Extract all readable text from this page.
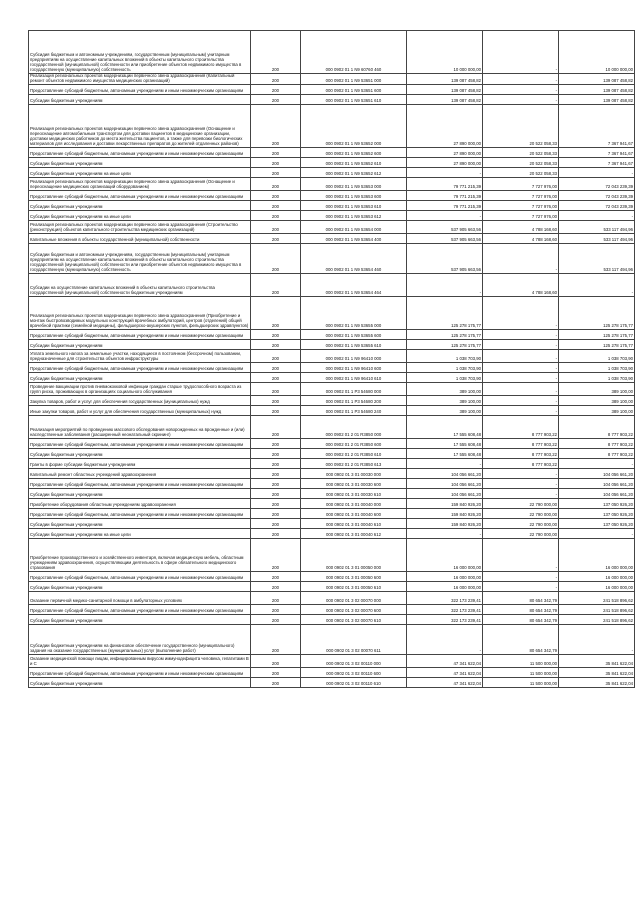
Субсидия бюджетным и автономным учреждениям, государственным (муниципальным) унитарным предприятиям на осуществление капитальных вложений в объекты капитального строительства государственной (муниципальной) собственности или приобретение объектов недвижимого имущества в государственную (муниципальную) собственность	200	000 0902 01 1 N9 60760 460	10 000 000,00	-	10 000 000,00
Реализация региональных проектов модернизации первичного звена здравоохранения (Капитальный ремонт объектов недвижимого имущества медицинских организаций)	200	000 0902 01 1 N9 53651 000	139 087 458,82	-	139 087 458,82
Предоставление субсидий бюджетным, автономным учреждениям и иным некоммерческим организациям	200	000 0902 01 1 N9 53651 600	139 087 458,82	-	139 087 458,82
Субсидии бюджетным учреждениям	200	000 0902 01 1 N9 53651 610	139 087 458,82	-	139 087 458,82
Реализация региональных проектов модернизации первичного звена здравоохранения (Оснащение и переоснащение автомобильным транспортом для доставки пациентов в медицинские организации, доставки медицинских работников до места жительства пациентов, а также для перевозки биологических материалов для исследования и доставки лекарственных препаратов до жителей отдаленных районов)	200	000 0902 01 1 N9 53652 000	27 890 000,00	20 522 058,33	7 367 941,67
Предоставление субсидий бюджетным, автономным учреждениям и иным некоммерческим организациям	200	000 0902 01 1 N9 53652 600	27 890 000,00	20 522 058,33	7 367 941,67
Субсидии бюджетным учреждениям	200	000 0902 01 1 N9 53652 610	27 890 000,00	20 522 058,33	7 367 941,67
Субсидии бюджетным учреждениям на иные цели	200	000 0902 01 1 N9 53652 612	-	20 522 058,33	-
Реализация региональных проектов модернизации первичного звена здравоохранения (Оснащение и переоснащение медицинских организаций оборудованием)	200	000 0902 01 1 N9 53653 000	79 771 215,39	7 727 976,00	72 043 239,39
Предоставление субсидий бюджетным, автономным учреждениям и иным некоммерческим организациям	200	000 0902 01 1 N9 53653 600	79 771 215,39	7 727 976,00	72 043 239,39
Субсидии бюджетным учреждениям	200	000 0902 01 1 N9 53653 610	79 771 215,39	7 727 976,00	72 043 239,39
Субсидии бюджетным учреждениям на иные цели	200	000 0902 01 1 N9 53653 612	-	7 727 976,00	-
Реализация региональных проектов модернизации первичного звена здравоохранения (Строительство (реконструкция) объектов капитального строительства медицинских организаций)	200	000 0902 01 1 N9 53654 000	537 905 663,56	4 788 168,60	533 117 494,96
Капитальные вложения в объекты государственной (муниципальной) собственности	200	000 0902 01 1 N9 53654 400	537 905 663,56	4 788 168,60	533 117 494,96
Субсидии бюджетным и автономным учреждениям, государственным (муниципальным) унитарным предприятиям на осуществление капитальных вложений в объекты капитального строительства государственной (муниципальной) собственности или приобретение объектов недвижимого имущества в государственную (муниципальную) собственность	200	000 0902 01 1 N9 53654 460	537 905 663,56	-	533 117 494,96
Субсидии на осуществление капитальных вложений в объекты капитального строительства государственной (муниципальной) собственности бюджетным учреждениям	200	000 0902 01 1 N9 53654 464	-	4 788 168,60	-
Реализация региональных проектов модернизации первичного звена здравоохранения (Приобретение и монтаж быстровозводимых модульных конструкций врачебных амбулаторий, центров (отделений) общей врачебной практики (семейной медицины), фельдшерско-акушерских пунктов, фельдшерских здравпунктов)	200	000 0902 01 1 N9 53655 000	125 278 175,77	-	125 278 175,77
Предоставление субсидий бюджетным, автономным учреждениям и иным некоммерческим организациям	200	000 0902 01 1 N9 53655 600	125 278 175,77	-	125 278 175,77
Субсидии бюджетным учреждениям	200	000 0902 01 1 N9 53655 610	125 278 175,77	-	125 278 175,77
Уплата земельного налога за земельные участки, находящиеся в постоянном (бессрочном) пользовании, предназначенные для строительства объектов инфраструктуры	200	000 0902 01 1 N9 96410 000	1 038 703,90	-	1 038 703,90
Предоставление субсидий бюджетным, автономным учреждениям и иным некоммерческим организациям	200	000 0902 01 1 N9 96410 600	1 038 703,90	-	1 038 703,90
Субсидии бюджетным учреждениям	200	000 0902 01 1 N9 96410 610	1 038 703,90	-	1 038 703,90
Проведение вакцинации против пневмококковой инфекции граждан старше трудоспособного возраста из групп риска, проживающих в организациях социального обслуживания	200	000 0902 01 1 P3 54680 000	389 100,00	-	389 100,00
Закупка товаров, работ и услуг для обеспечения государственных (муниципальных) нужд	200	000 0902 01 1 P3 54680 200	389 100,00	-	389 100,00
Иные закупки товаров, работ и услуг для обеспечения государственных (муниципальных) нужд	200	000 0902 01 1 P3 54680 240	389 100,00	-	389 100,00
Реализация мероприятий по проведению массового обследования новорожденных на врожденные и (или) наследственные заболевания (расширенный неонатальный скрининг)	200	000 0902 01 2 01 R3850 000	17 555 608,48	8 777 903,22	8 777 903,22
Предоставление субсидий бюджетным, автономным учреждениям и иным некоммерческим организациям	200	000 0902 01 2 01 R3850 600	17 555 608,48	8 777 903,22	8 777 903,22
Субсидии бюджетным учреждениям	200	000 0902 01 2 01 R3850 610	17 555 608,48	8 777 903,22	8 777 903,22
Гранты в форме субсидии бюджетным учреждениям	200	000 0902 01 2 01 R3850 613	-	8 777 903,22	-
Капитальный ремонт областных учреждений здравоохранения	200	000 0902 01 3 01 00030 000	104 056 661,20	-	104 056 661,20
Предоставление субсидий бюджетным, автономным учреждениям и иным некоммерческим организациям	200	000 0902 01 3 01 00030 600	104 056 661,20	-	104 056 661,20
Субсидии бюджетным учреждениям	200	000 0902 01 3 01 00030 610	104 056 661,20	-	104 056 661,20
Приобретение оборудования областным учреждениям здравоохранения	200	000 0902 01 3 01 00040 000	159 840 926,20	22 790 000,00	137 050 926,20
Предоставление субсидий бюджетным, автономным учреждениям и иным некоммерческим организациям	200	000 0902 01 3 01 00040 600	159 840 926,20	22 790 000,00	137 050 926,20
Субсидии бюджетным учреждениям	200	000 0902 01 3 01 00040 610	159 840 926,20	22 790 000,00	137 050 926,20
Субсидии бюджетным учреждениям на иные цели	200	000 0902 01 3 01 00040 612	-	22 790 000,00	-
Приобретение производственного и хозяйственного инвентаря, включая медицинскую мебель, областным учреждениям здравоохранения, осуществляющим деятельность в сфере обязательного медицинского страхования	200	000 0902 01 3 01 00050 000	16 000 000,00	-	16 000 000,00
Предоставление субсидий бюджетным, автономным учреждениям и иным некоммерческим организациям	200	000 0902 01 3 01 00050 600	16 000 000,00	-	16 000 000,00
Субсидии бюджетным учреждениям	200	000 0902 01 3 01 00050 610	16 000 000,00	-	16 000 000,00
Оказание первичной медико-санитарной помощи в амбулаторных условиях	200	000 0902 01 3 02 00070 000	322 173 239,41	80 654 342,79	241 518 896,62
Предоставление субсидий бюджетным, автономным учреждениям и иным некоммерческим организациям	200	000 0902 01 3 02 00070 600	322 173 239,41	80 654 342,79	241 518 896,62
Субсидии бюджетным учреждениям	200	000 0902 01 3 02 00070 610	322 173 239,41	80 654 342,79	241 518 896,62
Субсидии бюджетным учреждениям на финансовое обеспечение государственного (муниципального) задания на оказание государственных (муниципальных) услуг (выполнение работ)	200	000 0902 01 3 02 00070 611	-	80 654 342,79	-
Оказание медицинской помощи лицам, инфицированным вирусом иммунодефицита человека, гепатитами В и С	200	000 0902 01 3 02 00110 000	47 341 622,04	11 500 000,00	35 841 622,04
Предоставление субсидий бюджетным, автономным учреждениям и иным некоммерческим организациям	200	000 0902 01 3 02 00110 600	47 341 622,04	11 500 000,00	35 841 622,04
Субсидии бюджетным учреждениям	200	000 0902 01 3 02 00110 610	47 341 622,04	11 500 000,00	35 841 622,04
